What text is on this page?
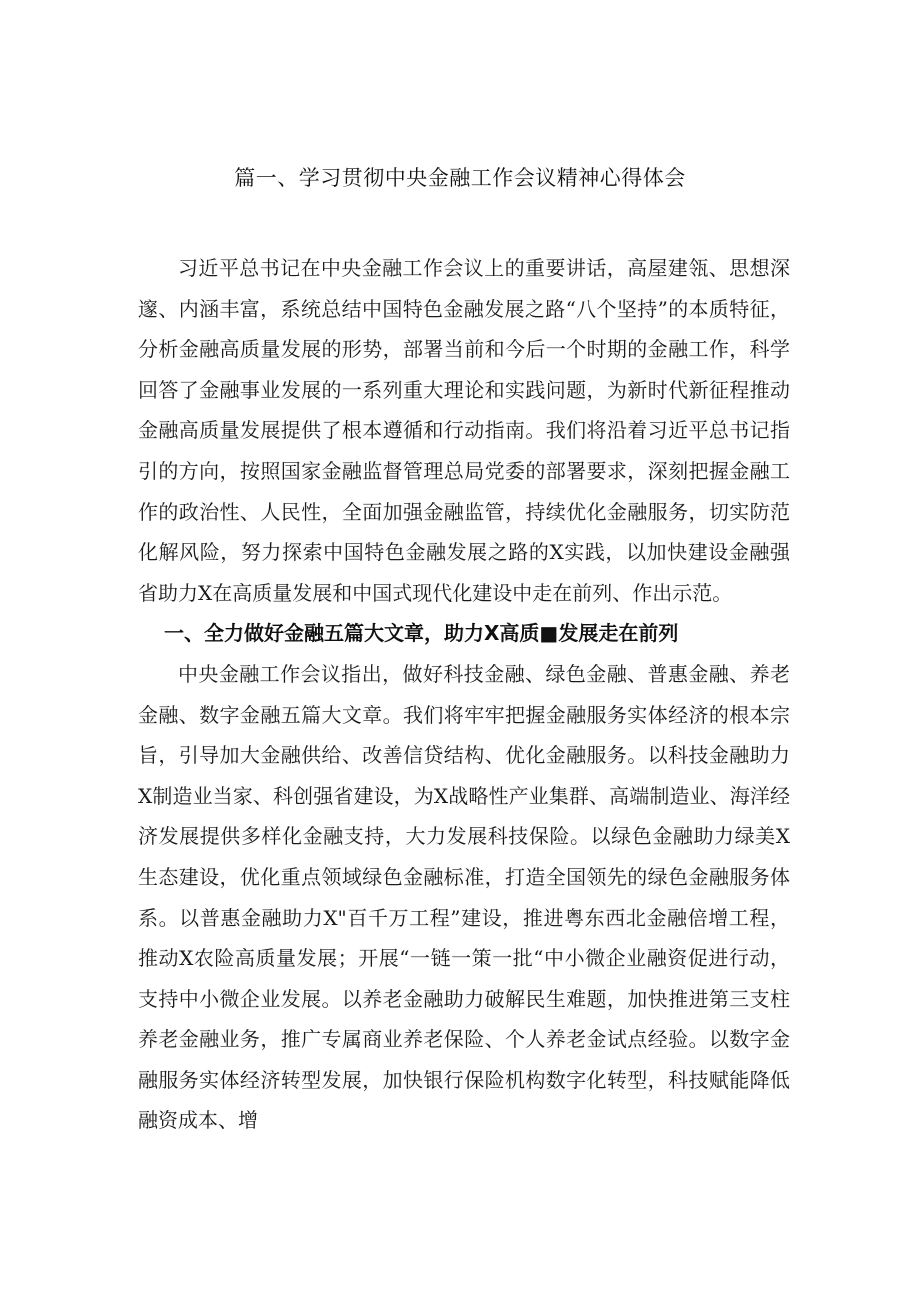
篇一、学习贯彻中央金融工作会议精神心得体会

习近平总书记在中央金融工作会议上的重要讲话，高屋建瓴、思想深邃、内涵丰富，系统总结中国特色金融发展之路“八个坚持”的本质特征，分析金融高质量发展的形势，部署当前和今后一个时期的金融工作，科学回答了金融事业发展的一系列重大理论和实践问题，为新时代新征程推动金融高质量发展提供了根本遵循和行动指南。我们将沿着习近平总书记指引的方向，按照国家金融监督管理总局党委的部署要求，深刻把握金融工作的政治性、人民性，全面加强金融监管，持续优化金融服务，切实防范化解风险，努力探索中国特色金融发展之路的X实践，以加快建设金融强省助力X在高质量发展和中国式现代化建设中走在前列、作出示范。

一、全力做好金融五篇大文章，助力X高质■发展走在前列

中央金融工作会议指出，做好科技金融、绿色金融、普惠金融、养老金融、数字金融五篇大文章。我们将牢牢把握金融服务实体经济的根本宗旨，引导加大金融供给、改善信贷结构、优化金融服务。以科技金融助力X制造业当家、科创强省建设，为X战略性产业集群、高端制造业、海洋经济发展提供多样化金融支持，大力发展科技保险。以绿色金融助力绿美X生态建设，优化重点领域绿色金融标准，打造全国领先的绿色金融服务体系。以普惠金融助力X"百千万工程”建设，推进粤东西北金融倍增工程，推动X农险高质量发展；开展“一链一策一批“中小微企业融资促进行动，支持中小微企业发展。以养老金融助力破解民生难题，加快推进第三支柱养老金融业务，推广专属商业养老保险、个人养老金试点经验。以数字金融服务实体经济转型发展，加快银行保险机构数字化转型，科技赋能降低融资成本、增
